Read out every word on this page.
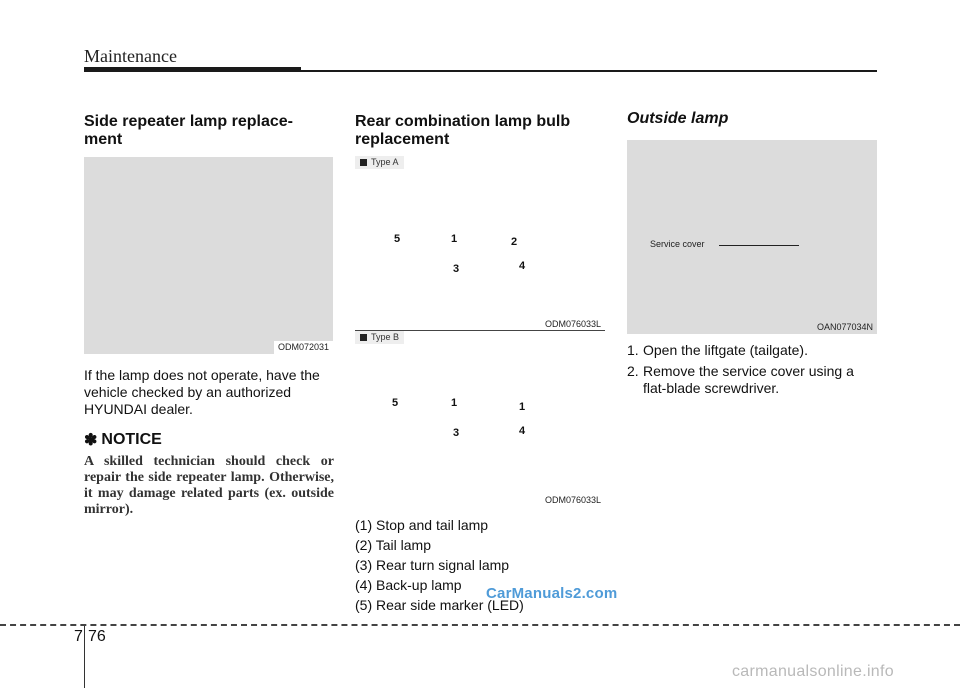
Maintenance
Side repeater lamp replace-
ment
ODM072031

If the lamp does not operate, have the vehicle checked by an authorized HYUNDAI dealer.

✽ NOTICE

A skilled technician should check or repair the side repeater lamp. Otherwise, it may damage related parts (ex. outside mirror).

Rear combination lamp bulb replacement
Type A
5	1	2
3	4
ODM076033L
Type B
5	1	1
3	4
ODM076033L
(1) Stop and tail lamp
(2) Tail lamp
(3) Rear turn signal lamp
(4) Back-up lamp
(5) Rear side marker (LED)
Outside lamp
Service cover
OAN077034N
1. Open the liftgate (tailgate).
2. Remove the service cover using a flat-blade screwdriver.
CarManuals2.com
carmanualsonline.info
7 76
